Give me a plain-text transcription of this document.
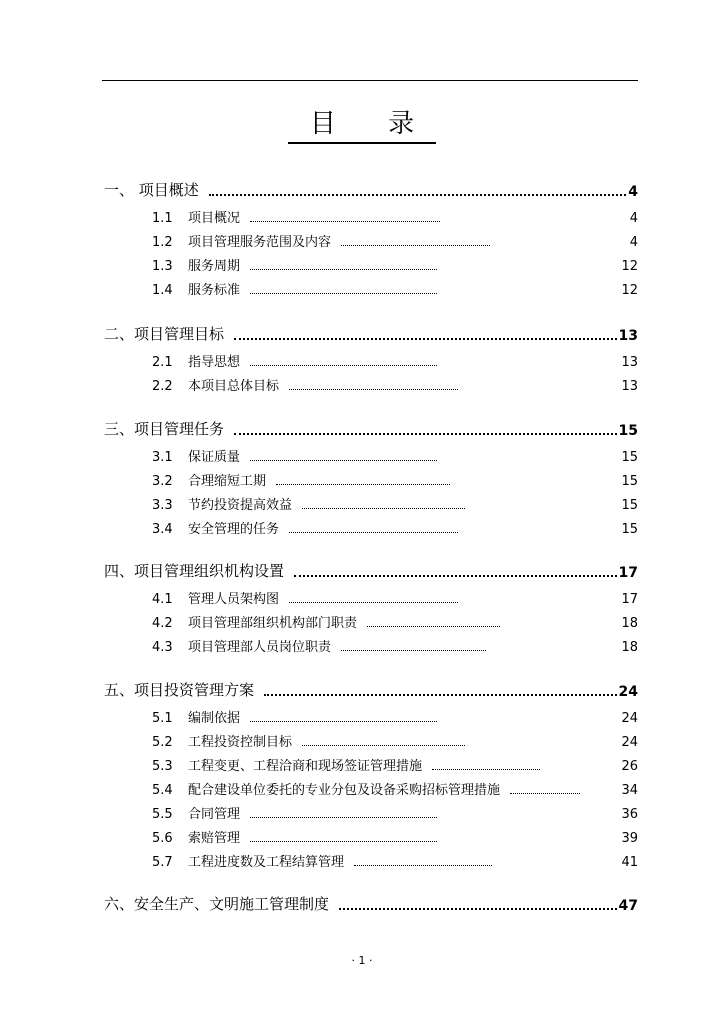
目 录
一、 项目概述	4
1.1	项目概况	4
1.2	项目管理服务范围及内容	4
1.3	服务周期	12
1.4	服务标准	12
二、项目管理目标	13
2.1	指导思想	13
2.2	本项目总体目标	13
三、项目管理任务	15
3.1	保证质量	15
3.2	合理缩短工期	15
3.3	节约投资提高效益	15
3.4	安全管理的任务	15
四、项目管理组织机构设置	17
4.1	管理人员架构图	17
4.2	项目管理部组织机构部门职责	18
4.3	项目管理部人员岗位职责	18
五、项目投资管理方案	24
5.1	编制依据	24
5.2	工程投资控制目标	24
5.3	工程变更、工程洽商和现场签证管理措施	26
5.4	配合建设单位委托的专业分包及设备采购招标管理措施	34
5.5	合同管理	36
5.6	索赔管理	39
5.7	工程进度数及工程结算管理	41
六、安全生产、文明施工管理制度	47
· 1 ·
